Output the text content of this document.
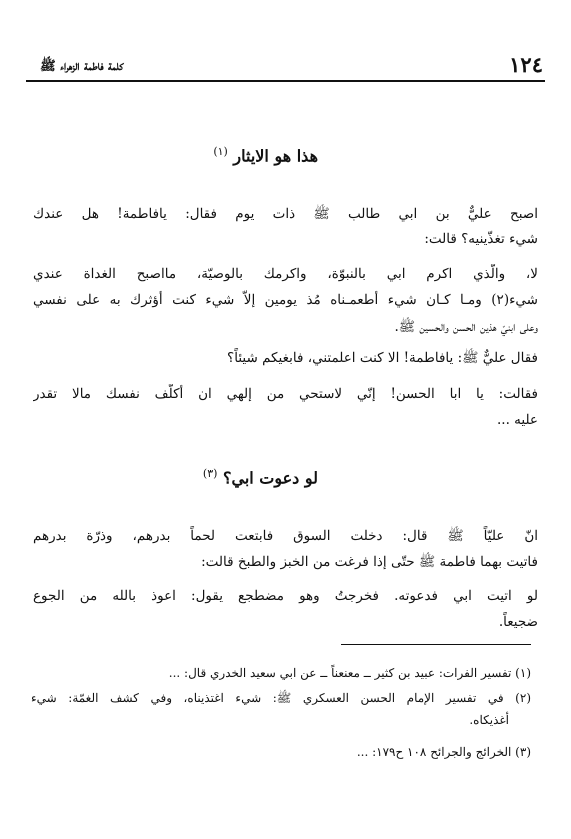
١٢٤
كلمة فاطمة الزهراء ﷺ
هذا هو الايثار $^{(١)}$
اصبح عليٌّ بن ابي طالب ﷺ ذات يوم فقال: يافاطمة! هل عندك
شيء تغذّينيه؟ قالت:
لا، والّذي اكرم ابي بالنبوّة، واكرمك بالوصيّة، مااصبح الغداة عندي
شيء(٢) ومـا كـان شيء أطعمـناه مُذ يومين إلاّ شيء كنت أؤثرك به على نفسي
وعلى ابنيّ هذين الحسن والحسين ﷺ.
فقال عليٌّ ﷺ: يافاطمة! الا كنت اعلمتني، فابغيكم شيئاً؟
فقالت: يا ابا الحسن! إنّي لاستحي من إلهي ان أكلّف نفسك مالا تقدر
عليه ...
لو دعوت ابي؟ $^{(٣)}$
انّ عليّاً ﷺ قال: دخلت السوق فابتعت لحماً بدرهم، وذرّة بدرهم
فاتيت بهما فاطمة ﷺ حتّى إذا فرغت من الخبز والطبخ قالت:
لو اتيت ابي فدعوته. فخرجتُ وهو مضطجع يقول: اعوذ بالله من الجوع
ضجيعاً.
(١) تفسير الفرات: عبيد بن كثير ــ معنعناً ــ عن ابي سعيد الخدري قال: ...
(٢) في تفسير الإمام الحسن العسكري ﷺ: شيء اغتذيناه، وفي كشف الغمّة: شيء
أغذيكاه.
(٣) الخرائج والجرائح ١٠٨ ح١٧٩: ...
